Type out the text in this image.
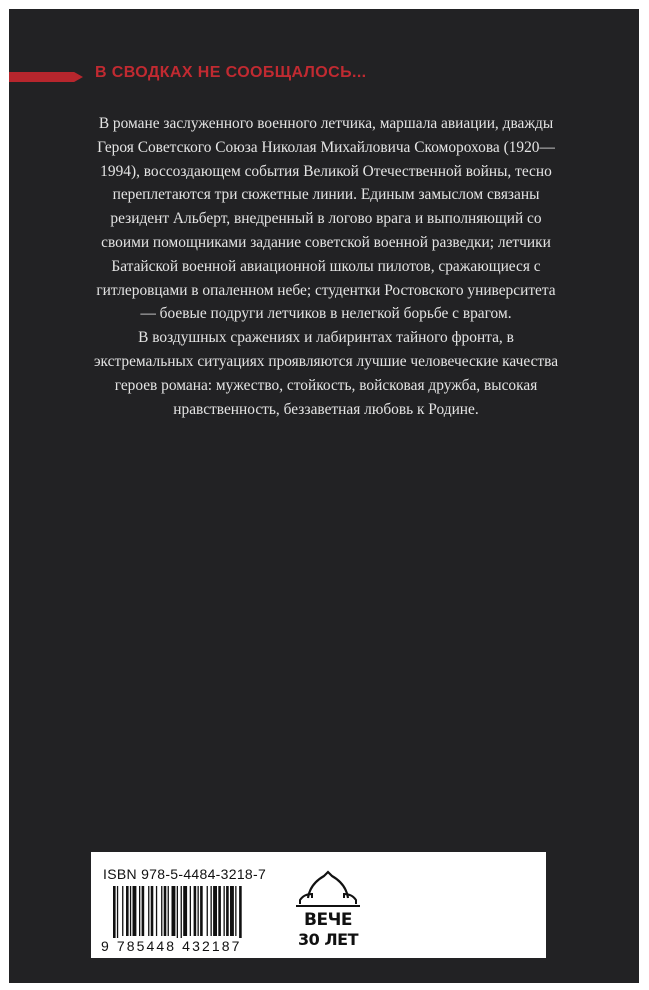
В СВОДКАХ НЕ СООБЩАЛОСЬ...

В романе заслуженного военного летчика, маршала авиации, дважды Героя Советского Союза Николая Михайловича Скоморохова (1920—1994), воссоздающем события Великой Отечественной войны, тесно переплетаются три сюжетные линии. Единым замыслом связаны резидент Альберт, внедренный в логово врага и выполняющий со своими помощниками задание советской военной разведки; летчики Батайской военной авиационной школы пилотов, сражающиеся с гитлеровцами в опаленном небе; студентки Ростовского университета — боевые подруги летчиков в нелегкой борьбе с врагом.

В воздушных сражениях и лабиринтах тайного фронта, в экстремальных ситуациях проявляются лучшие человеческие качества героев романа: мужество, стойкость, войсковая дружба, высокая нравственность, беззаветная любовь к Родине.

ISBN 978-5-4484-3218-7
9 785448 432187
ВЕЧЕ
30 ЛЕТ
